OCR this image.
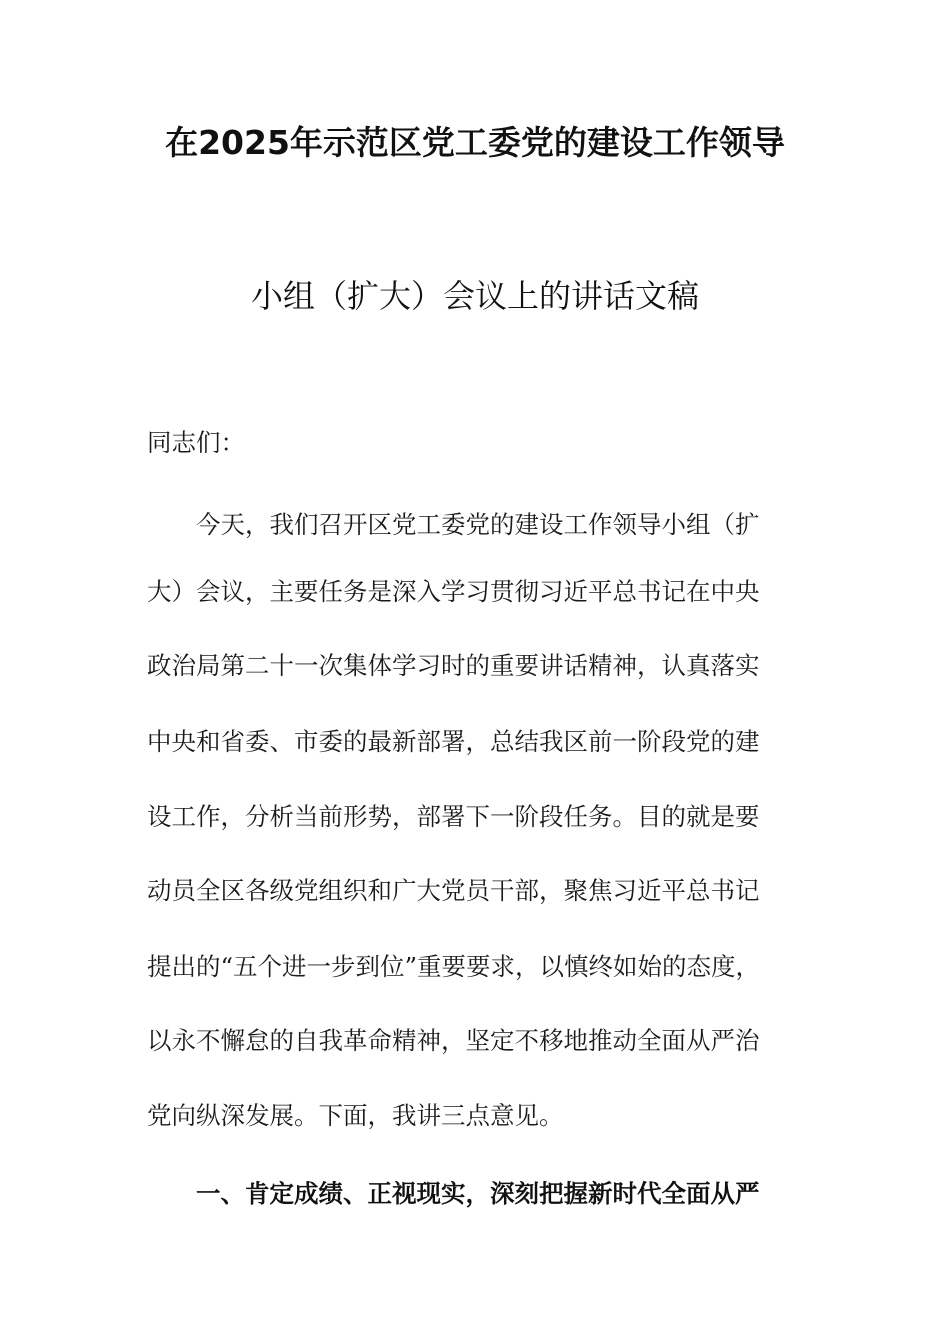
在2025年示范区党工委党的建设工作领导
小组（扩大）会议上的讲话文稿
同志们：
今天，我们召开区党工委党的建设工作领导小组（扩
大）会议，主要任务是深入学习贯彻习近平总书记在中央
政治局第二十一次集体学习时的重要讲话精神，认真落实
中央和省委、市委的最新部署，总结我区前一阶段党的建
设工作，分析当前形势，部署下一阶段任务。目的就是要
动员全区各级党组织和广大党员干部，聚焦习近平总书记
提出的“五个进一步到位”重要要求，以慎终如始的态度，
以永不懈怠的自我革命精神，坚定不移地推动全面从严治
党向纵深发展。下面，我讲三点意见。
一、肯定成绩、正视现实，深刻把握新时代全面从严
